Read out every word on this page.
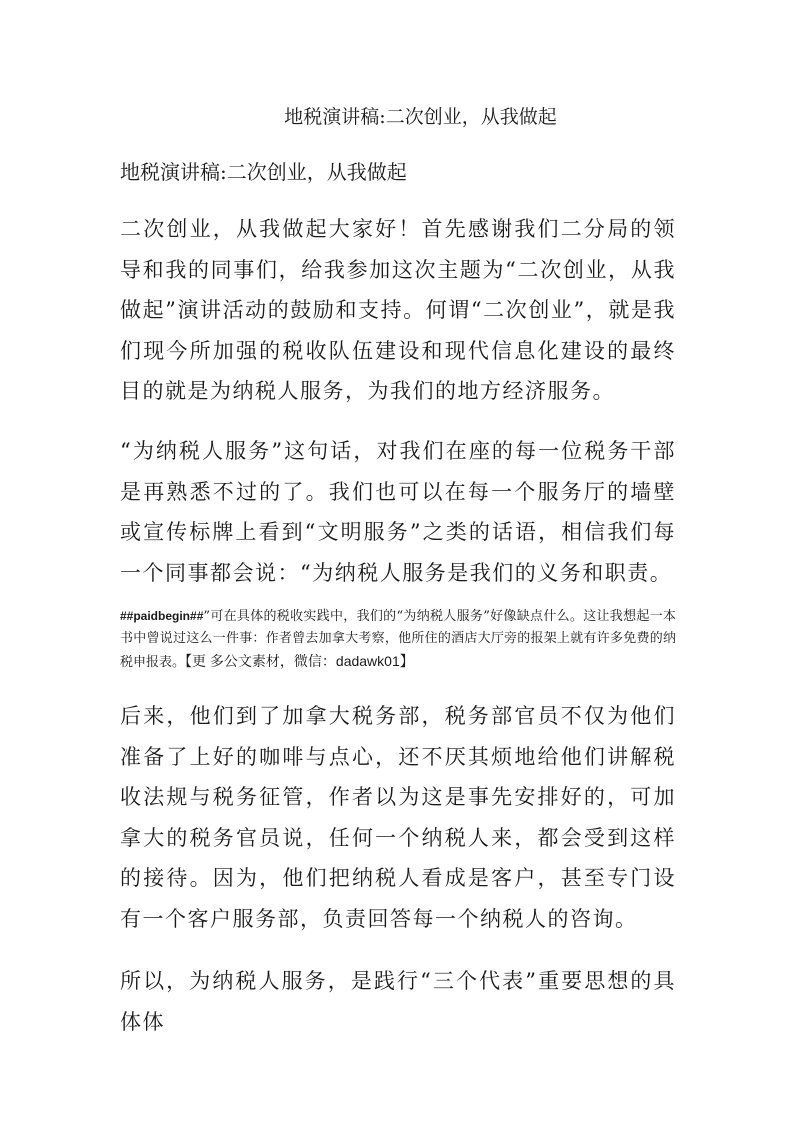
地税演讲稿:二次创业，从我做起
地税演讲稿:二次创业，从我做起

二次创业，从我做起大家好！首先感谢我们二分局的领导和我的同事们，给我参加这次主题为“二次创业，从我做起”演讲活动的鼓励和支持。何谓“二次创业”，就是我们现今所加强的税收队伍建设和现代信息化建设的最终目的就是为纳税人服务，为我们的地方经济服务。

“为纳税人服务”这句话，对我们在座的每一位税务干部是再熟悉不过的了。我们也可以在每一个服务厅的墙壁或宣传标牌上看到“文明服务”之类的话语，相信我们每一个同事都会说：“为纳税人服务是我们的义务和职责。

##paidbegin##”可在具体的税收实践中，我们的“为纳税人服务”好像缺点什么。这让我想起一本书中曾说过这么一件事：作者曾去加拿大考察，他所住的酒店大厅旁的报架上就有许多免费的纳税申报表。【更 多公文素材，微信：dadawk01】

后来，他们到了加拿大税务部，税务部官员不仅为他们准备了上好的咖啡与点心，还不厌其烦地给他们讲解税收法规与税务征管，作者以为这是事先安排好的，可加拿大的税务官员说，任何一个纳税人来，都会受到这样的接待。因为，他们把纳税人看成是客户，甚至专门设有一个客户服务部，负责回答每一个纳税人的咨询。

所以，为纳税人服务，是践行“三个代表”重要思想的具体体
